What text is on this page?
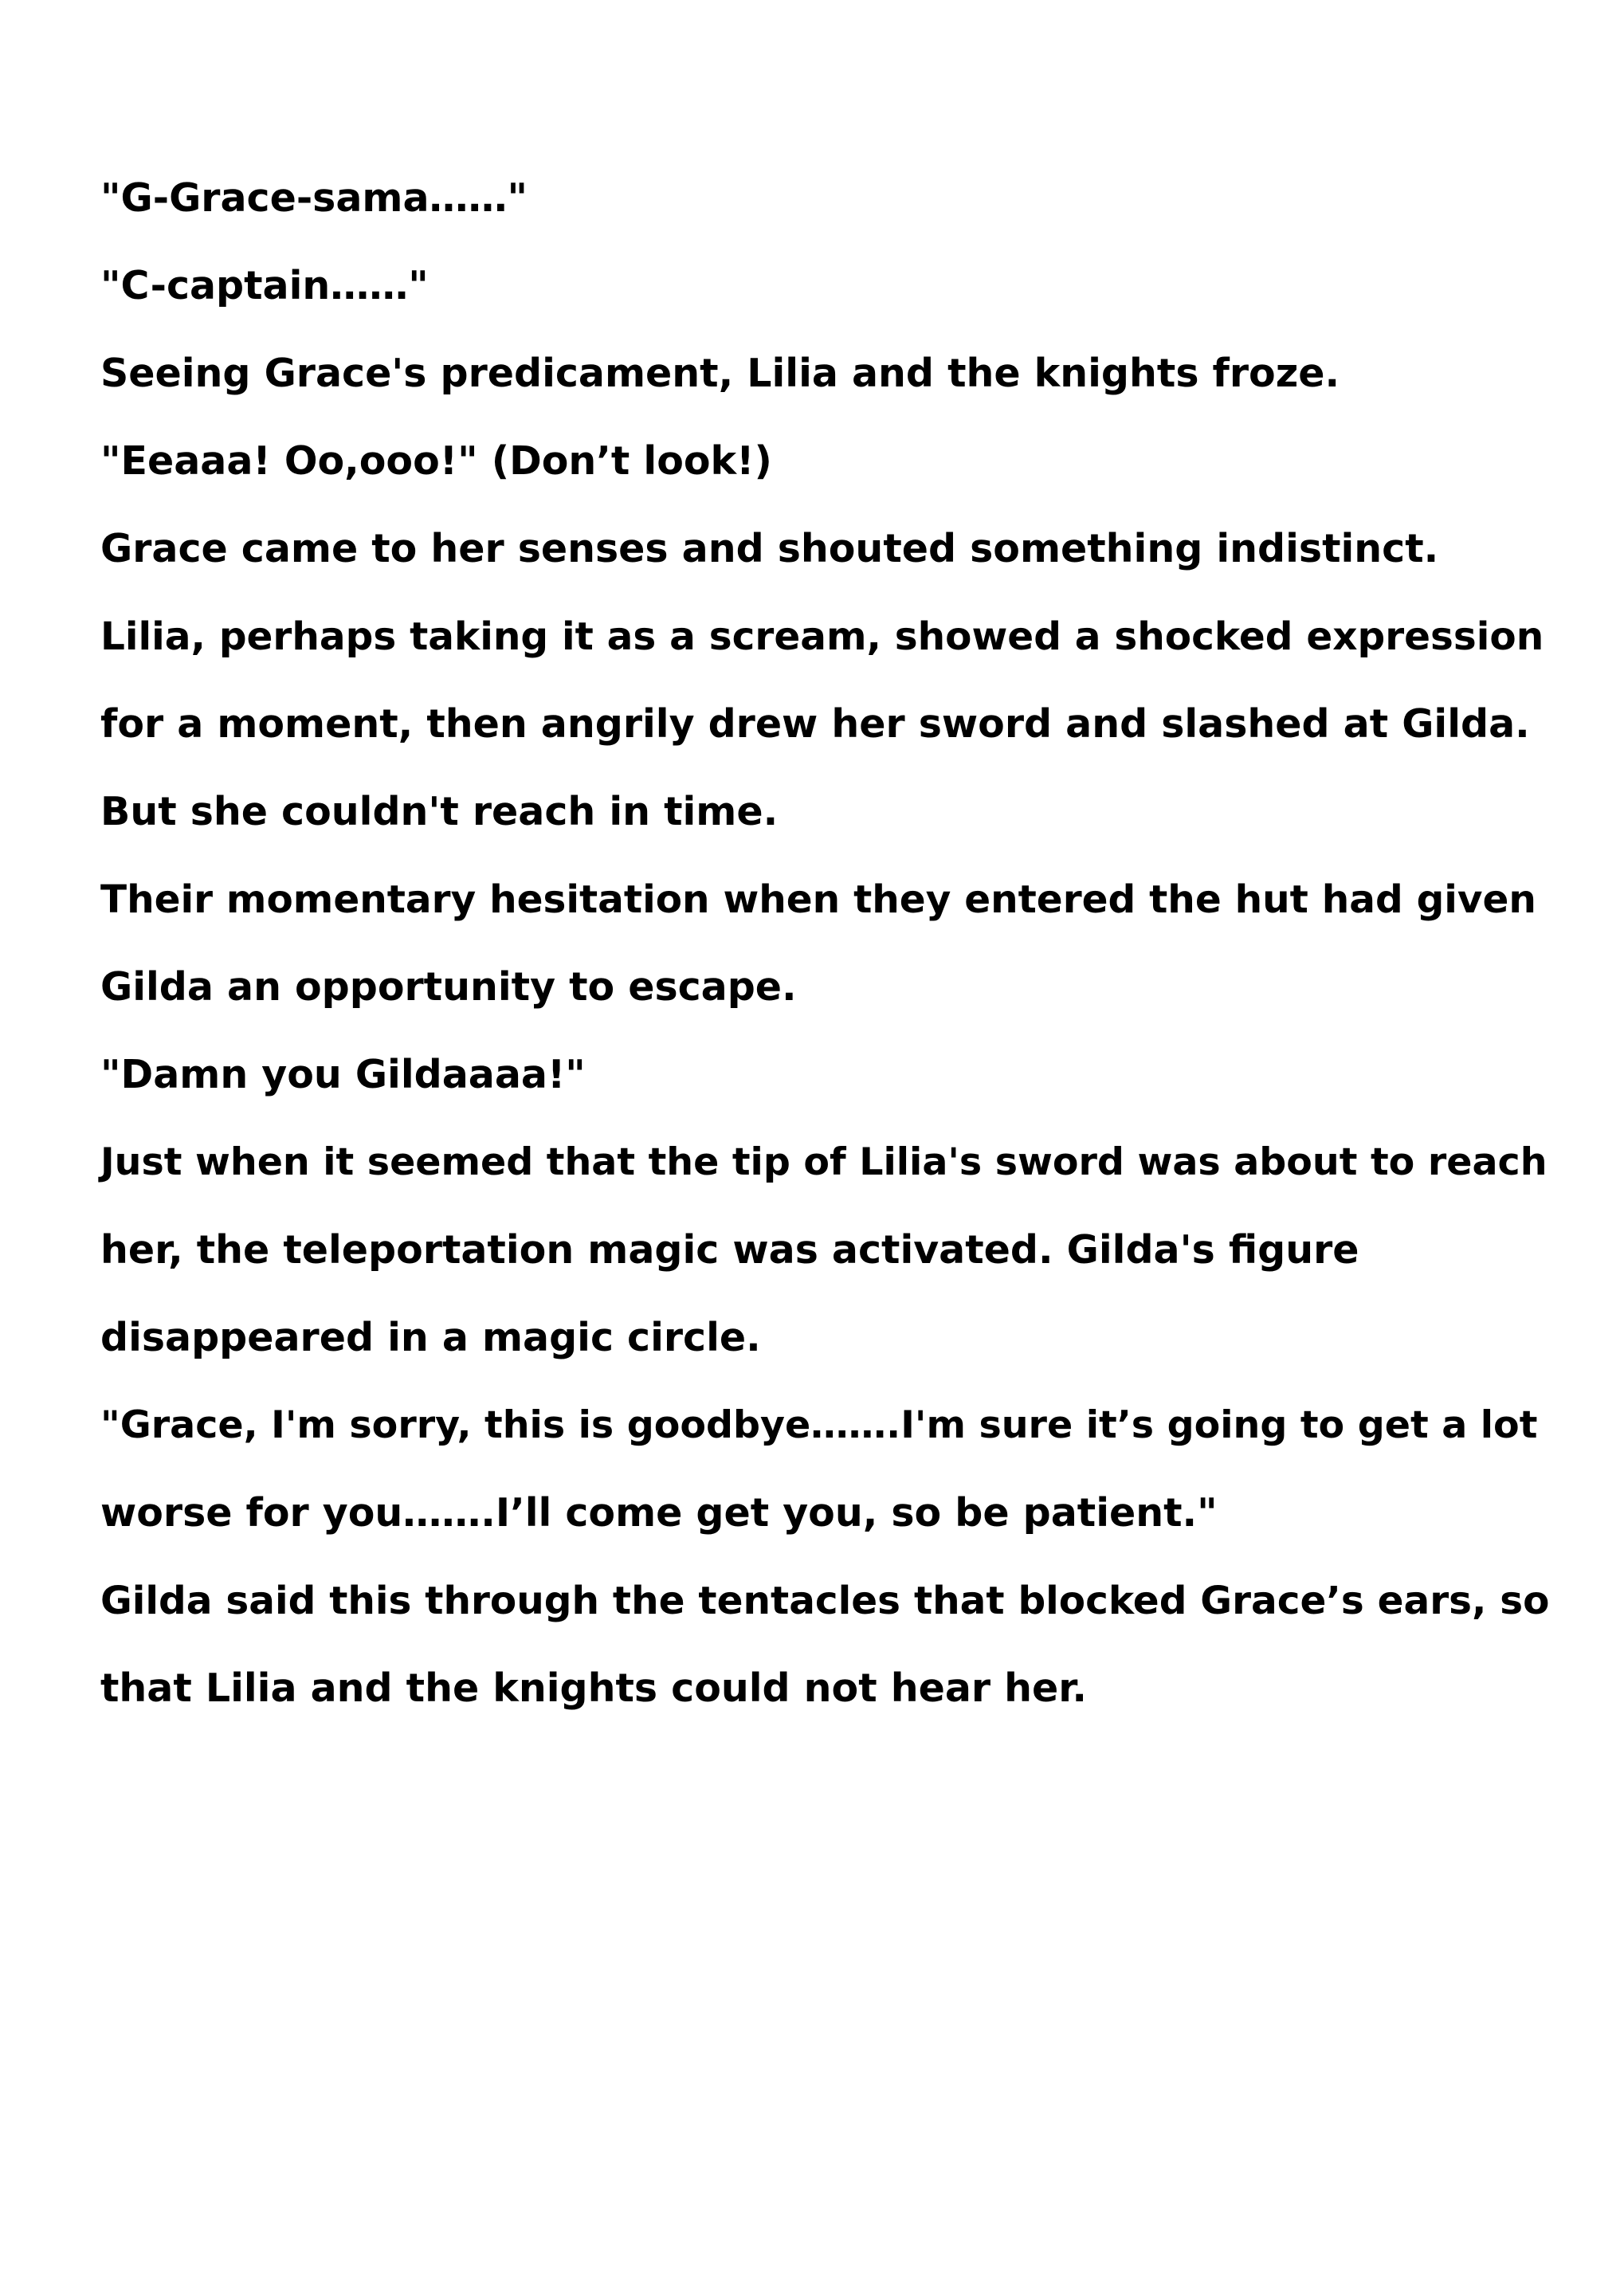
"G-Grace-sama……"
"C-captain……"
Seeing Grace's predicament, Lilia and the knights froze.
"Eeaaa! Oo,ooo!" (Don’t look!)
Grace came to her senses and shouted something indistinct.
Lilia, perhaps taking it as a scream, showed a shocked expression
for a moment, then angrily drew her sword and slashed at Gilda.
But she couldn't reach in time.
Their momentary hesitation when they entered the hut had given
Gilda an opportunity to escape.
"Damn you Gildaaaa!"
Just when it seemed that the tip of Lilia's sword was about to reach
her, the teleportation magic was activated. Gilda's figure
disappeared in a magic circle.
"Grace, I'm sorry, this is goodbye…….I'm sure it’s going to get a lot
worse for you…….I’ll come get you, so be patient."
Gilda said this through the tentacles that blocked Grace’s ears, so
that Lilia and the knights could not hear her.
